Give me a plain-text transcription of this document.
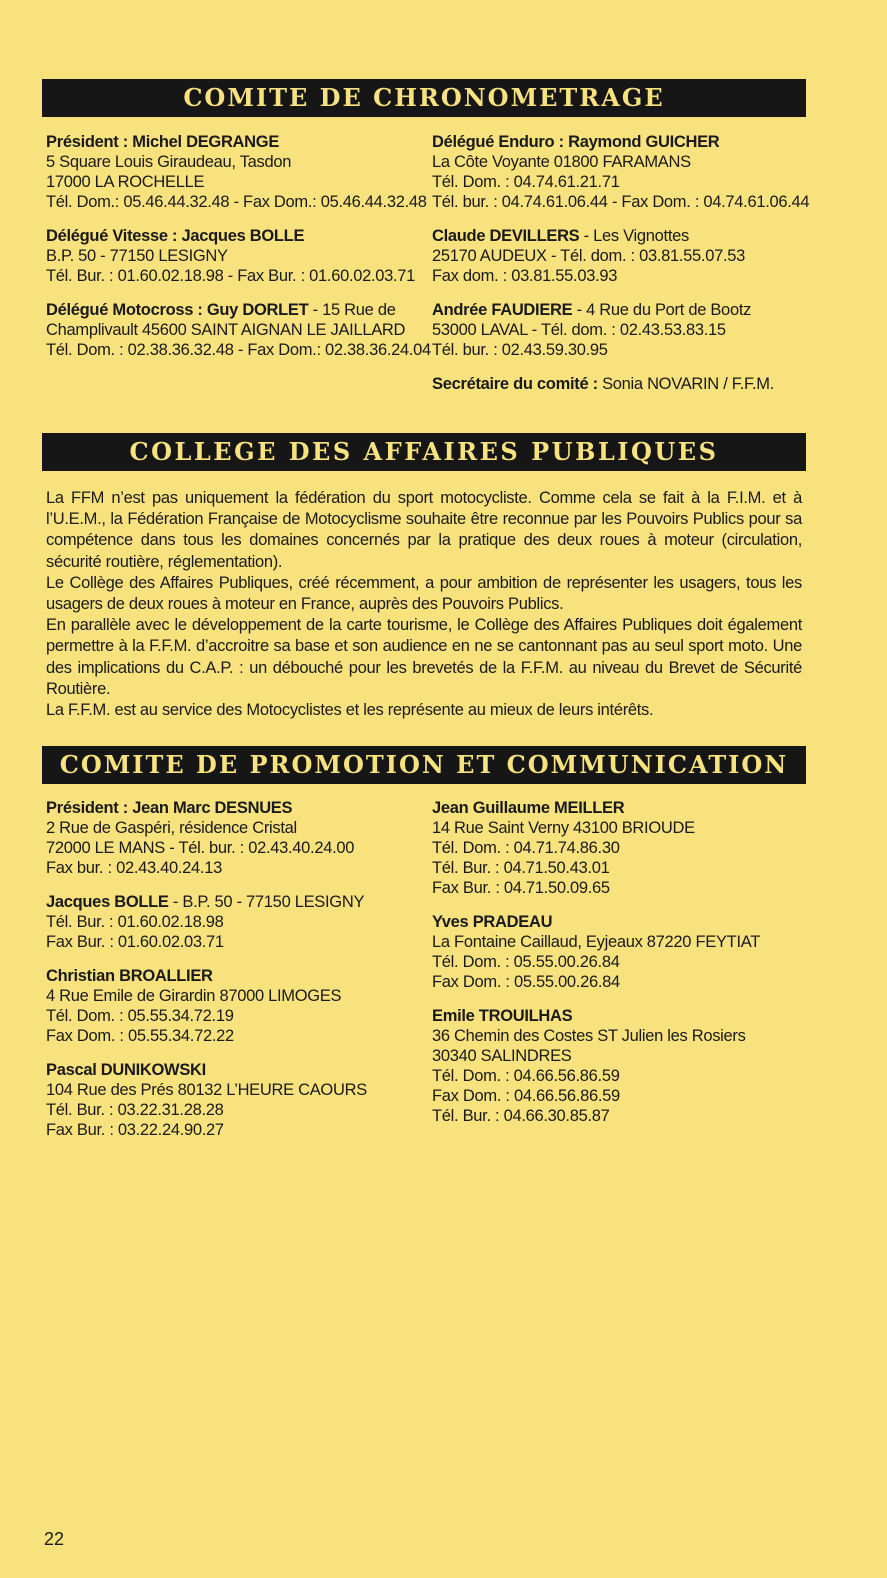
COMITE DE CHRONOMETRAGE
Président : Michel DEGRANGE
5 Square Louis Giraudeau, Tasdon
17000 LA ROCHELLE
Tél. Dom.: 05.46.44.32.48 - Fax Dom.: 05.46.44.32.48
Délégué Vitesse : Jacques BOLLE
B.P. 50 - 77150 LESIGNY
Tél. Bur. : 01.60.02.18.98 - Fax Bur. : 01.60.02.03.71
Délégué Motocross : Guy DORLET - 15 Rue de
Champlivault 45600 SAINT AIGNAN LE JAILLARD
Tél. Dom. : 02.38.36.32.48 - Fax Dom.: 02.38.36.24.04
Délégué Enduro : Raymond GUICHER
La Côte Voyante 01800 FARAMANS
Tél. Dom. : 04.74.61.21.71
Tél. bur. : 04.74.61.06.44 - Fax Dom. : 04.74.61.06.44
Claude DEVILLERS - Les Vignottes
25170 AUDEUX - Tél. dom. : 03.81.55.07.53
Fax dom. : 03.81.55.03.93
Andrée FAUDIERE - 4 Rue du Port de Bootz
53000 LAVAL - Tél. dom. : 02.43.53.83.15
Tél. bur. : 02.43.59.30.95
Secrétaire du comité : Sonia NOVARIN / F.F.M.
COLLEGE DES AFFAIRES PUBLIQUES

La FFM n’est pas uniquement la fédération du sport motocycliste. Comme cela se fait à la F.I.M. et à l’U.E.M., la Fédération Française de Motocyclisme souhaite être reconnue par les Pouvoirs Publics pour sa compétence dans tous les domaines concernés par la pratique des deux roues à moteur (circulation, sécurité routière, réglementation).

Le Collège des Affaires Publiques, créé récemment, a pour ambition de représenter les usagers, tous les usagers de deux roues à moteur en France, auprès des Pouvoirs Publics.

En parallèle avec le développement de la carte tourisme, le Collège des Affaires Publiques doit également permettre à la F.F.M. d’accroitre sa base et son audience en ne se cantonnant pas au seul sport moto. Une des implications du C.A.P. : un débouché pour les brevetés de la F.F.M. au niveau du Brevet de Sécurité Routière.

La F.F.M. est au service des Motocyclistes et les représente au mieux de leurs intérêts.

COMITE DE PROMOTION ET COMMUNICATION
Président : Jean Marc DESNUES
2 Rue de Gaspéri, résidence Cristal
72000 LE MANS - Tél. bur. : 02.43.40.24.00
Fax bur. : 02.43.40.24.13
Jacques BOLLE - B.P. 50 - 77150 LESIGNY
Tél. Bur. : 01.60.02.18.98
Fax Bur. : 01.60.02.03.71
Christian BROALLIER
4 Rue Emile de Girardin 87000 LIMOGES
Tél. Dom. : 05.55.34.72.19
Fax Dom. : 05.55.34.72.22
Pascal DUNIKOWSKI
104 Rue des Prés 80132 L’HEURE CAOURS
Tél. Bur. : 03.22.31.28.28
Fax Bur. : 03.22.24.90.27
Jean Guillaume MEILLER
14 Rue Saint Verny 43100 BRIOUDE
Tél. Dom. : 04.71.74.86.30
Tél. Bur. : 04.71.50.43.01
Fax Bur. : 04.71.50.09.65
Yves PRADEAU
La Fontaine Caillaud, Eyjeaux 87220 FEYTIAT
Tél. Dom. : 05.55.00.26.84
Fax Dom. : 05.55.00.26.84
Emile TROUILHAS
36 Chemin des Costes ST Julien les Rosiers
30340 SALINDRES
Tél. Dom. : 04.66.56.86.59
Fax Dom. : 04.66.56.86.59
Tél. Bur. : 04.66.30.85.87
22
